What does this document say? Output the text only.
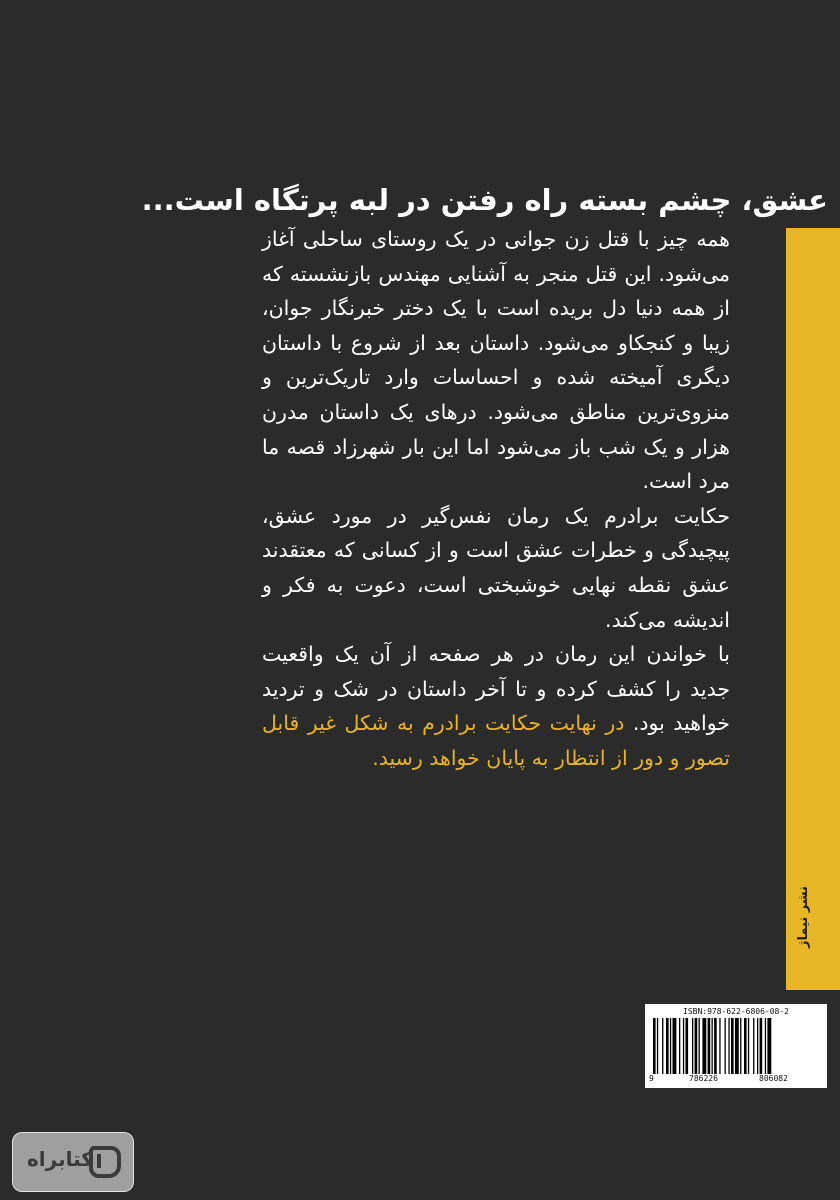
عشق، چشم بسته راه رفتن در لبه پرتگاه است...

همه چیز با قتل زن جوانی در یک روستای ساحلی آغاز می‌شود. این قتل منجر به آشنایی مهندس بازنشسته که از همه دنیا دل بریده است با یک دختر خبرنگار جوان، زیبا و کنجکاو می‌شود. داستان بعد از شروع با داستان دیگری آمیخته شده و احساسات وارد تاریک‌ترین و منزوی‌ترین مناطق می‌شود. درهای یک داستان مدرن هزار و یک شب باز می‌شود اما این بار شهرزاد قصه ما مرد است.

حکایت برادرم یک رمان نفس‌گیر در مورد عشق، پیچیدگی و خطرات عشق است و از کسانی که معتقدند عشق نقطه نهایی خوشبختی است، دعوت به فکر و اندیشه می‌کند.

با خواندن این رمان در هر صفحه از آن یک واقعیت جدید را کشف کرده و تا آخر داستان در شک و تردید خواهید بود. در نهایت حکایت برادرم به شکل غیر قابل تصور و دور از انتظار به پایان خواهد رسید.

نشر نیماژ
ISBN:978-622-6806-08-2
9	786226	806082
کتابراه
